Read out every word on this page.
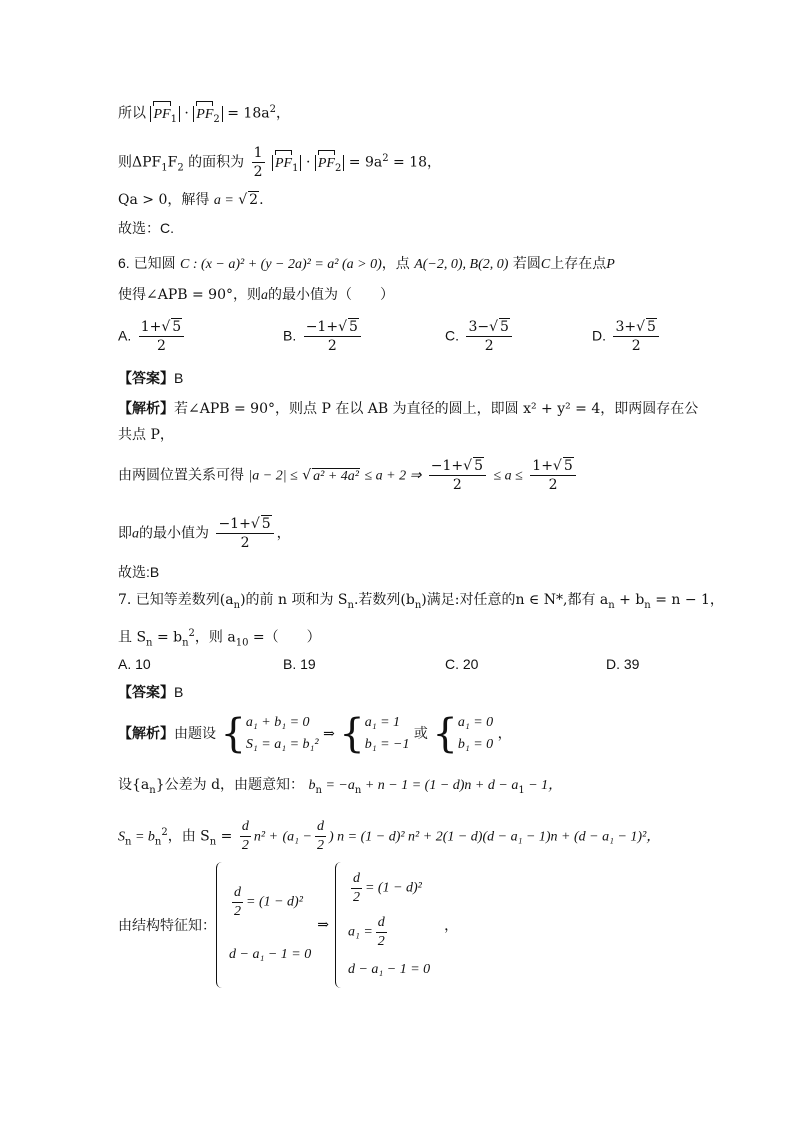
所以 $PF_1 \cdot PF_2 = 18a^2$，
则$\Delta PF_1F_2$ 的面积为 $\frac{1}{2} PF_1 \cdot PF_2 = 9a^2 = 18$，
Qa > 0，解得 a = √ 2.
故选：C.
6. 已知圆 C : (x − a)² + (y − 2a)² = a² (a > 0)，点 A(−2, 0), B(2, 0) 若圆C上存在点P
使得∠APB = 90°，则a的最小值为（　　）
A. $\frac{1+√ 5}{2}$	B. $\frac{-1+√ 5}{2}$	C. $\frac{3-√ 5}{2}$	D. $\frac{3+√ 5}{2}$
【答案】B
【解析】若∠APB = 90°，则点 P 在以 AB 为直径的圆上，即圆 x² + y² = 4，即两圆存在公
共点 P，
由两圆位置关系可得 |a − 2| ≤ √ a² + 4a² ≤ a + 2 ⇒ $\frac{-1+√ 5}{2} \le a \le \frac{1+√ 5}{2}$
即a的最小值为 $\frac{-1+√ 5}{2}$ ，
故选:B
7. 已知等差数列$(a_n)$的前 n 项和为 $S_n$.若数列$(b_n)$满足:对任意的n ∈ N*,都有 $a_n + b_n = n - 1$，
且 $S_n = b_n^2$，则 $a_{10}$ =（　　）
A. 10	B. 19	C. 20	D. 39
【答案】B
【解析】由题设 { a₁ + b₁ = 0
S₁ = a₁ = b₁²
⇒ { a₁ = 1
b₁ = −1
或 { a₁ = 0
b₁ = 0
，
设$\{a_n\}$公差为 d，由题意知： $b_n = -a_n + n - 1 = (1 - d)n + d - a_1 - 1$，
$S_n = b_n^2$，由 $S_n = \frac{d}{2} n^2 + (a_1 - \frac{d}{2}$ ) n = (1 − d)² n² + 2(1 − d)(d − a₁ − 1)n + (d − a₁ − 1)²，
由结构特征知：
$\frac{d}{2} = (1 - d)^2$
d − a₁ − 1 = 0
⇒
$\frac{d}{2} = (1 - d)^2$
$a_1 = \frac{d}{2}$
d − a₁ − 1 = 0
，
